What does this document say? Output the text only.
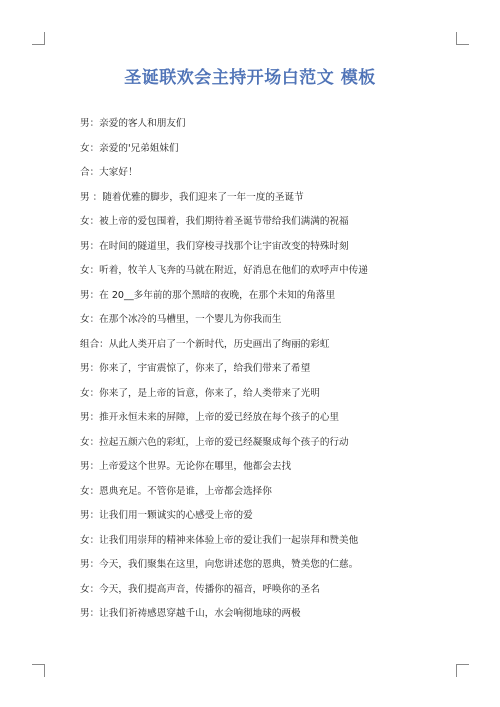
圣诞联欢会主持开场白范文 模板
男：亲爱的客人和朋友们
女：亲爱的'兄弟姐妹们
合：大家好！
男 ：随着优雅的脚步，我们迎来了一年一度的圣诞节
女：被上帝的爱包围着，我们期待着圣诞节带给我们满满的祝福
男：在时间的隧道里，我们穿梭寻找那个让宇宙改变的特殊时刻
女：听着，牧羊人飞奔的马就在附近，好消息在他们的欢呼声中传递
男：在 20__多年前的那个黑暗的夜晚，在那个未知的角落里
女：在那个冰冷的马槽里，一个婴儿为你我而生
组合：从此人类开启了一个新时代，历史画出了绚丽的彩虹
男：你来了，宇宙震惊了，你来了，给我们带来了希望
女：你来了，是上帝的旨意，你来了，给人类带来了光明
男：推开永恒未来的屏障，上帝的爱已经放在每个孩子的心里
女：拉起五颜六色的彩虹，上帝的爱已经凝聚成每个孩子的行动
男：上帝爱这个世界。无论你在哪里，他都会去找
女：恩典充足。不管你是谁，上帝都会选择你
男：让我们用一颗诚实的心感受上帝的爱
女：让我们用崇拜的精神来体验上帝的爱让我们一起崇拜和赞美他
男：今天，我们聚集在这里，向您讲述您的恩典，赞美您的仁慈。
女：今天，我们提高声音，传播你的福音，呼唤你的圣名
男：让我们祈祷感恩穿越千山，水会响彻地球的两极
